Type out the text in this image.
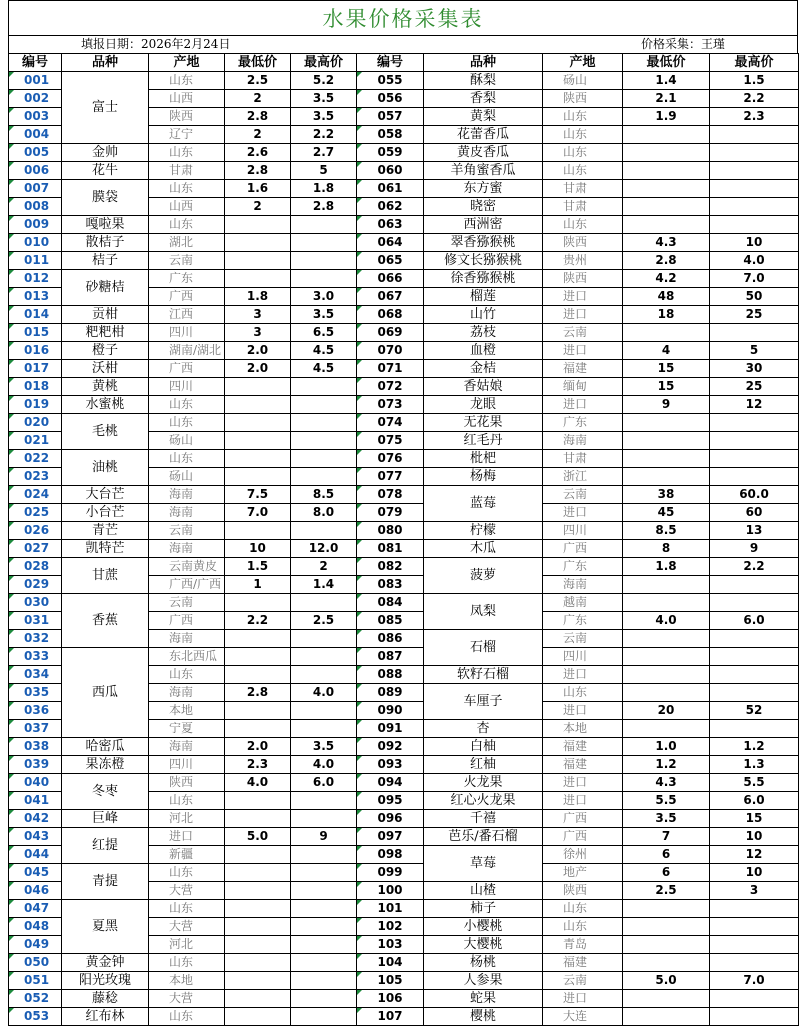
水果价格采集表
填报日期：2026年2月24日	价格采集：王瑾
编号	品种	产地	最低价	最高价	编号	品种	产地	最低价	最高价
001	富士	山东	2.5	5.2	055	酥梨	砀山	1.4	1.5
002		山西	2	3.5	056	香梨	陕西	2.1	2.2
003		陕西	2.8	3.5	057	黄梨	山东	1.9	2.3
004		辽宁	2	2.2	058	花蕾香瓜	山东		
005	金帅	山东	2.6	2.7	059	黄皮香瓜	山东		
006	花牛	甘肃	2.8	5	060	羊角蜜香瓜	山东		
007	膜袋	山东	1.6	1.8	061	东方蜜	甘肃		
008		山西	2	2.8	062	晓密	甘肃		
009	嘎啦果	山东			063	西洲密	山东		
010	散桔子	湖北			064	翠香猕猴桃	陕西	4.3	10
011	桔子	云南			065	修文长猕猴桃	贵州	2.8	4.0
012	砂糖桔	广东			066	徐香猕猴桃	陕西	4.2	7.0
013		广西	1.8	3.0	067	榴莲	进口	48	50
014	贡柑	江西	3	3.5	068	山竹	进口	18	25
015	粑粑柑	四川	3	6.5	069	荔枝	云南		
016	橙子	湖南/湖北	2.0	4.5	070	血橙	进口	4	5
017	沃柑	广西	2.0	4.5	071	金桔	福建	15	30
018	黄桃	四川			072	香姑娘	缅甸	15	25
019	水蜜桃	山东			073	龙眼	进口	9	12
020	毛桃	山东			074	无花果	广东		
021		砀山			075	红毛丹	海南		
022	油桃	山东			076	枇杷	甘肃		
023		砀山			077	杨梅	浙江		
024	大台芒	海南	7.5	8.5	078	蓝莓	云南	38	60.0
025	小台芒	海南	7.0	8.0	079		进口	45	60
026	青芒	云南			080	柠檬	四川	8.5	13
027	凯特芒	海南	10	12.0	081	木瓜	广西	8	9
028	甘蔗	云南黄皮	1.5	2	082	菠萝	广东	1.8	2.2
029		广西/广西	1	1.4	083		海南		
030	香蕉	云南			084	凤梨	越南		
031		广西	2.2	2.5	085		广东	4.0	6.0
032		海南			086	石榴	云南		
033	西瓜	东北西瓜			087		四川		
034		山东			088	软籽石榴	进口		
035		海南	2.8	4.0	089	车厘子	山东		
036		本地			090		进口	20	52
037		宁夏			091	杏	本地		
038	哈密瓜	海南	2.0	3.5	092	白柚	福建	1.0	1.2
039	果冻橙	四川	2.3	4.0	093	红柚	福建	1.2	1.3
040	冬枣	陕西	4.0	6.0	094	火龙果	进口	4.3	5.5
041		山东			095	红心火龙果	进口	5.5	6.0
042	巨峰	河北			096	千禧	广西	3.5	15
043	红提	进口	5.0	9	097	芭乐/番石榴	广西	7	10
044		新疆			098	草莓	徐州	6	12
045	青提	山东			099		地产	6	10
046		大营			100	山楂	陕西	2.5	3
047	夏黑	山东			101	柿子	山东		
048		大营			102	小樱桃	山东		
049		河北			103	大樱桃	青岛		
050	黄金钟	山东			104	杨桃	福建		
051	阳光玫瑰	本地			105	人参果	云南	5.0	7.0
052	藤稔	大营			106	蛇果	进口		
053	红布林	山东			107	樱桃	大连		
